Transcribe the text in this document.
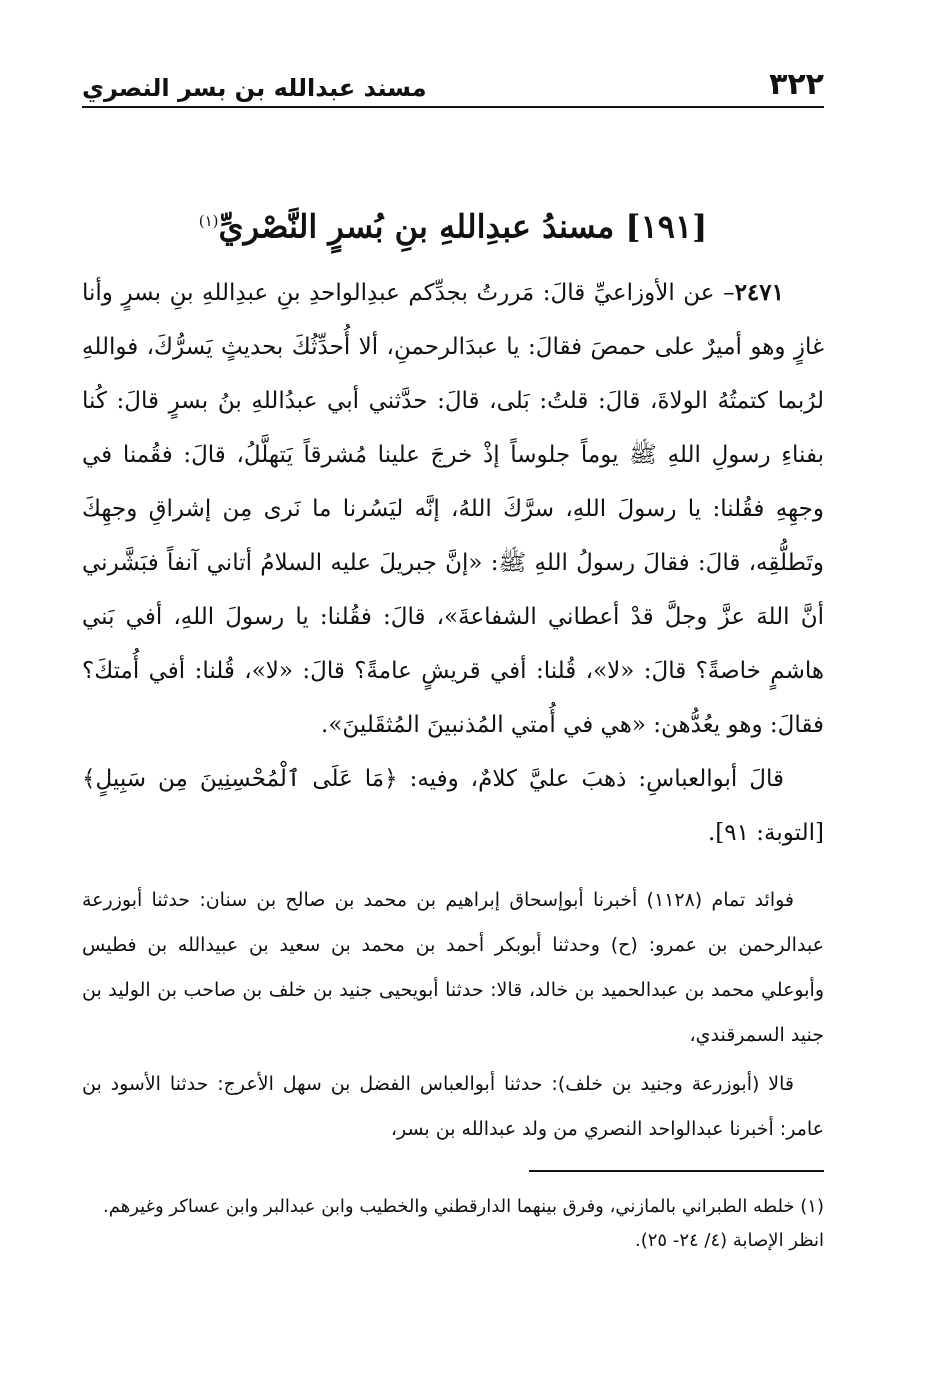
٣٢٢
مسند عبدالله بن بسر النصري
[١٩١] مسندُ عبدِاللهِ بنِ بُسرٍ النَّصْريِّ$^{(١)}$

٢٤٧١– عن الأوزاعيِّ قالَ: مَررتُ بجدِّكم عبدِالواحدِ بنِ عبدِاللهِ بنِ بسرٍ وأنا غازٍ وهو أميرٌ على حمصَ فقالَ: يا عبدَالرحمنِ، ألا أُحدِّثُكَ بحديثٍ يَسرُّكَ، فواللهِ لرُبما كتمتُهُ الولاةَ، قالَ: قلتُ: بَلى، قالَ: حدَّثني أبي عبدُاللهِ بنُ بسرٍ قالَ: كُنا بفناءِ رسولِ اللهِ ﷺ يوماً جلوساً إذْ خرجَ علينا مُشرقاً يَتهلَّلُ، قالَ: فقُمنا في وجهِهِ فقُلنا: يا رسولَ اللهِ، سرَّكَ اللهُ، إنَّه ليَسُرنا ما نَرى مِن إشراقِ وجهِكَ وتَطلُّقِه، قالَ: فقالَ رسولُ اللهِ ﷺ: «إنَّ جبريلَ عليه السلامُ أتاني آنفاً فبَشَّرني أنَّ اللهَ عزَّ وجلَّ قدْ أعطاني الشفاعةَ»، قالَ: فقُلنا: يا رسولَ اللهِ، أفي بَني هاشمٍ خاصةً؟ قالَ: «لا»، قُلنا: أفي قريشٍ عامةً؟ قالَ: «لا»، قُلنا: أفي أُمتكَ؟ فقالَ: وهو يعُدُّهن: «هي في أُمتي المُذنبينَ المُثقَلينَ».

قالَ أبوالعباسِ: ذهبَ عليَّ كلامٌ، وفيه: ﴿مَا عَلَى ٱلْمُحْسِنِينَ مِن سَبِيلٍ﴾ [التوبة: ٩١].

فوائد تمام (١١٢٨) أخبرنا أبوإسحاق إبراهيم بن محمد بن صالح بن سنان: حدثنا أبوزرعة عبدالرحمن بن عمرو: (ح) وحدثنا أبوبكر أحمد بن محمد بن سعيد بن عبيدالله بن فطيس وأبوعلي محمد بن عبدالحميد بن خالد، قالا: حدثنا أبويحيى جنيد بن خلف بن صاحب بن الوليد بن جنيد السمرقندي،

قالا (أبوزرعة وجنيد بن خلف): حدثنا أبوالعباس الفضل بن سهل الأعرج: حدثنا الأسود بن عامر: أخبرنا عبدالواحد النصري من ولد عبدالله بن بسر،

(١) خلطه الطبراني بالمازني، وفرق بينهما الدارقطني والخطيب وابن عبدالبر وابن عساكر وغيرهم. انظر الإصابة (٤/ ٢٤- ٢٥).
